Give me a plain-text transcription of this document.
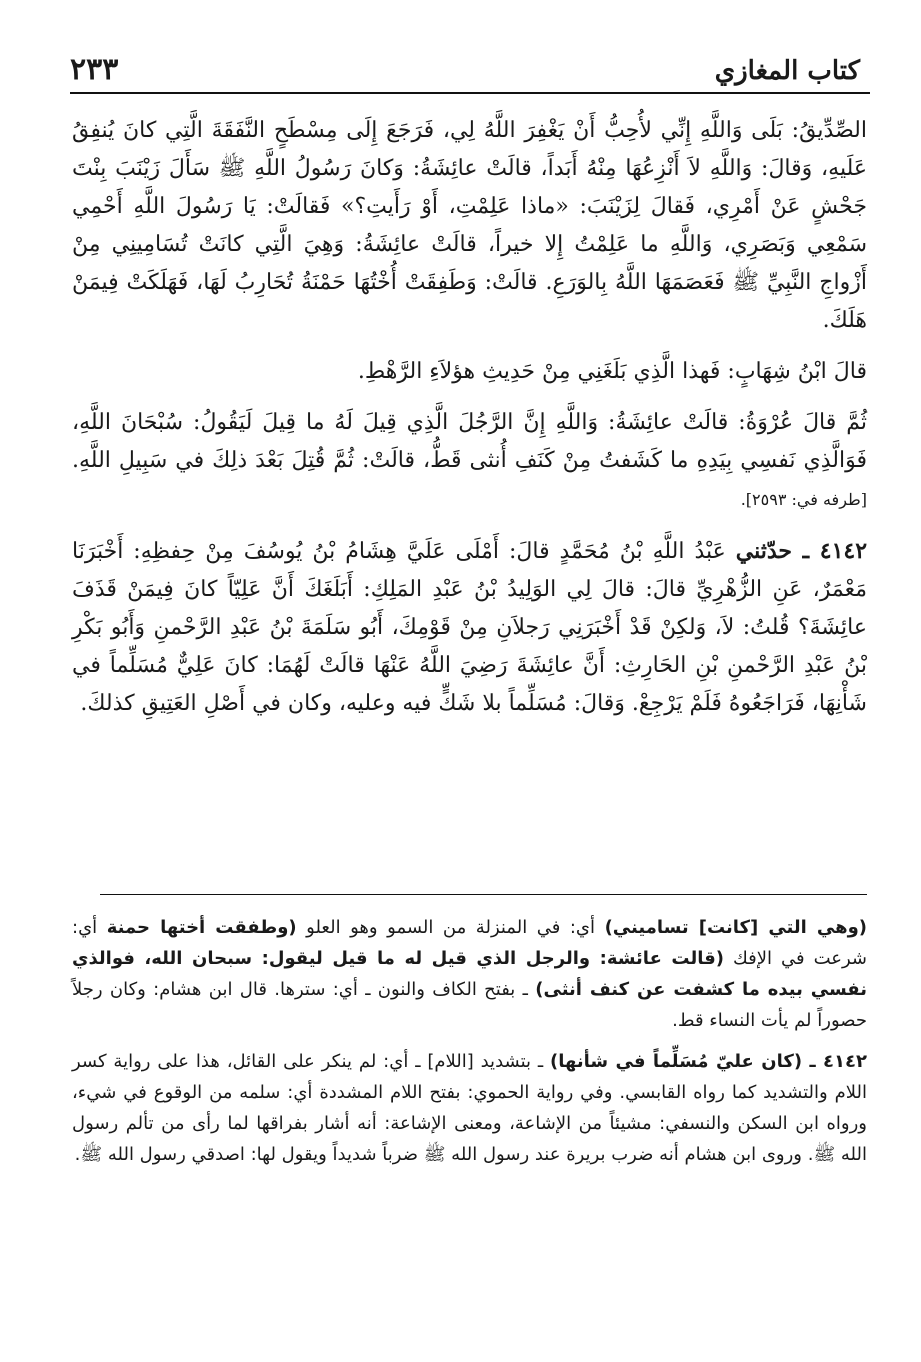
٢٣٣	كتاب المغازي

الصِّدِّيقُ: بَلَى وَاللَّهِ إِنِّي لأُحِبُّ أَنْ يَغْفِرَ اللَّهُ لِي، فَرَجَعَ إِلَى مِسْطَحٍ النَّفَقَةَ الَّتِي كانَ يُنفِقُ عَلَيهِ، وَقالَ: وَاللَّهِ لاَ أَنْزِعُهَا مِنْهُ أَبَداً، قالَتْ عائِشَةُ: وَكانَ رَسُولُ اللَّهِ ﷺ سَأَلَ زَيْنَبَ بِنْتَ جَحْشٍ عَنْ أَمْرِي، فَقالَ لِزَيْنَبَ: «ماذا عَلِمْتِ، أَوْ رَأَيتِ؟» فَقالَتْ: يَا رَسُولَ اللَّهِ أَحْمِي سَمْعِي وَبَصَرِي، وَاللَّهِ ما عَلِمْتُ إِلا خيراً، قالَتْ عائِشَةُ: وَهِيَ الَّتِي كانَتْ تُسَامِينِي مِنْ أَزْواجِ النَّبِيِّ ﷺ فَعَصَمَهَا اللَّهُ بِالوَرَعِ. قالَتْ: وَطَفِقَتْ أُخْتُهَا حَمْنَةُ تُحَارِبُ لَهَا، فَهَلَكَتْ فِيمَنْ هَلَكَ.

قالَ ابْنُ شِهَابٍ: فَهذا الَّذِي بَلَغَنِي مِنْ حَدِيثِ هؤلاَءِ الرَّهْطِ.

ثُمَّ قالَ عُرْوَةُ: قالَتْ عائِشَةُ: وَاللَّهِ إِنَّ الرَّجُلَ الَّذِي قِيلَ لَهُ ما قِيلَ لَيَقُولُ: سُبْحَانَ اللَّهِ، فَوَالَّذِي نَفسِي بِيَدِهِ ما كَشَفتُ مِنْ كَنَفِ أُنثى قَطُّ، قالَتْ: ثُمَّ قُتِلَ بَعْدَ ذلِكَ في سَبِيلِ اللَّهِ. [طرفه في: ٢٥٩٣].

٤١٤٢ ـ حدّثني عَبْدُ اللَّهِ بْنُ مُحَمَّدٍ قالَ: أَمْلَى عَلَيَّ هِشَامُ بْنُ يُوسُفَ مِنْ حِفظِهِ: أَخْبَرَنَا مَعْمَرٌ، عَنِ الزُّهْرِيِّ قالَ: قالَ لِي الوَلِيدُ بْنُ عَبْدِ المَلِكِ: أَبَلَغَكَ أَنَّ عَلِيّاً كانَ فِيمَنْ قَذَفَ عائِشَةَ؟ قُلتُ: لاَ، وَلكِنْ قَدْ أَخْبَرَنِي رَجلاَنِ مِنْ قَوْمِكَ، أَبُو سَلَمَةَ بْنُ عَبْدِ الرَّحْمنِ وَأَبُو بَكْرِ بْنُ عَبْدِ الرَّحْمنِ بْنِ الحَارِثِ: أَنَّ عائِشَةَ رَضِيَ اللَّهُ عَنْهَا قالَتْ لَهُمَا: كانَ عَلِيٌّ مُسَلِّماً في شَأْنِهَا، فَرَاجَعُوهُ فَلَمْ يَرْجِعْ. وَقالَ: مُسَلِّماً بلا شَكٍّ فيه وعليه، وكان في أَصْلِ العَتِيقِ كذلكَ.

(وهي التي [كانت] تساميني) أي: في المنزلة من السمو وهو العلو (وطفقت أختها حمنة أي: شرعت في الإفك (قالت عائشة: والرجل الذي قيل له ما قيل ليقول: سبحان الله، فوالذي نفسي بيده ما كشفت عن كنف أنثى) ـ بفتح الكاف والنون ـ أي: سترها. قال ابن هشام: وكان رجلاً حصوراً لم يأت النساء قط.

٤١٤٢ ـ (كان عليّ مُسَلِّماً في شأنها) ـ بتشديد [اللام] ـ أي: لم ينكر على القائل، هذا على رواية كسر اللام والتشديد كما رواه القابسي. وفي رواية الحموي: بفتح اللام المشددة أي: سلمه من الوقوع في شيء، ورواه ابن السكن والنسفي: مشيئاً من الإشاعة، ومعنى الإشاعة: أنه أشار بفراقها لما رأى من تألم رسول الله ﷺ. وروى ابن هشام أنه ضرب بريرة عند رسول الله ﷺ ضرباً شديداً ويقول لها: اصدقي رسول الله ﷺ.
